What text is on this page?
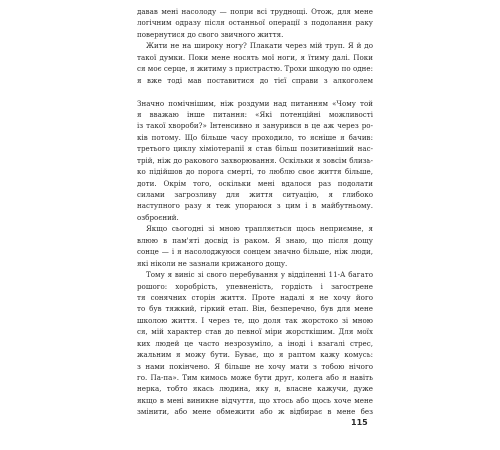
давав мені насолоду — попри всі труднощі. Отож, для мене
логічним одразу після останньої операції з подолання раку
повернутися до свого звичного життя.
Жити не на широку ногу? Плакати через мій труп. Я й до
такої думки. Поки мене носять мої ноги, я їтиму далі. Поки
ся моє серце, я житиму з пристрастю. Трохи шкодую по одне:
я вже тоді мав поставитися до тієї справи з алкоголем
Значно помічнішим, ніж роздуми над питанням «Чому той
я вважаю інше питання: «Які потенційні можливості
із такої хвороби?» Інтенсивно я занурився в це аж через ро-
ків потому. Що більше часу проходило, то ясніше я бачив:
третього циклу хіміотерапії я став більш позитивніший нас-
трій, ніж до ракового захворювання. Оскільки я зовсім близь-
ко підійшов до порога смерті, то люблю своє життя більше,
доти. Окрім того, оскільки мені вдалося раз подолати
силами загрозливу для життя ситуацію, я глибоко
наступного разу я теж упораюся з цим і в майбутньому.
озброєний.
Якщо сьогодні зі мною трапляється щось неприємне, я
влюю в пам'яті досвід із раком. Я знаю, що після дощу
сонце — і я насолоджуюся сонцем значно більше, ніж люди,
які ніколи не зазнали крижаного дощу.
Тому я виніс зі свого перебування у відділенні 11-А багато
рошого: хоробрість, упевненість, гордість і загострене
тя сонячних сторін життя. Проте надалі я не хочу його
то був тяжкий, гіркий етап. Він, безперечно, був для мене
школою життя. І через те, що доля так жорстоко зі мною
ся, мій характер став до певної міри жорсткішим. Для моїх
ких людей це часто незрозуміло, а іноді і взагалі стрес,
жальним я можу бути. Буває, що я раптом кажу комусь:
з нами покінчено. Я більше не хочу мати з тобою нічого
го. Па-па». Тим кимось може бути друг, колега або я навіть
нерка, тобто якась людина, яку я, власне кажучи, дуже
якщо в мені виникне відчуття, що хтось або щось хоче мене
змінити, або мене обмежити або ж відбирає в мене без
115
